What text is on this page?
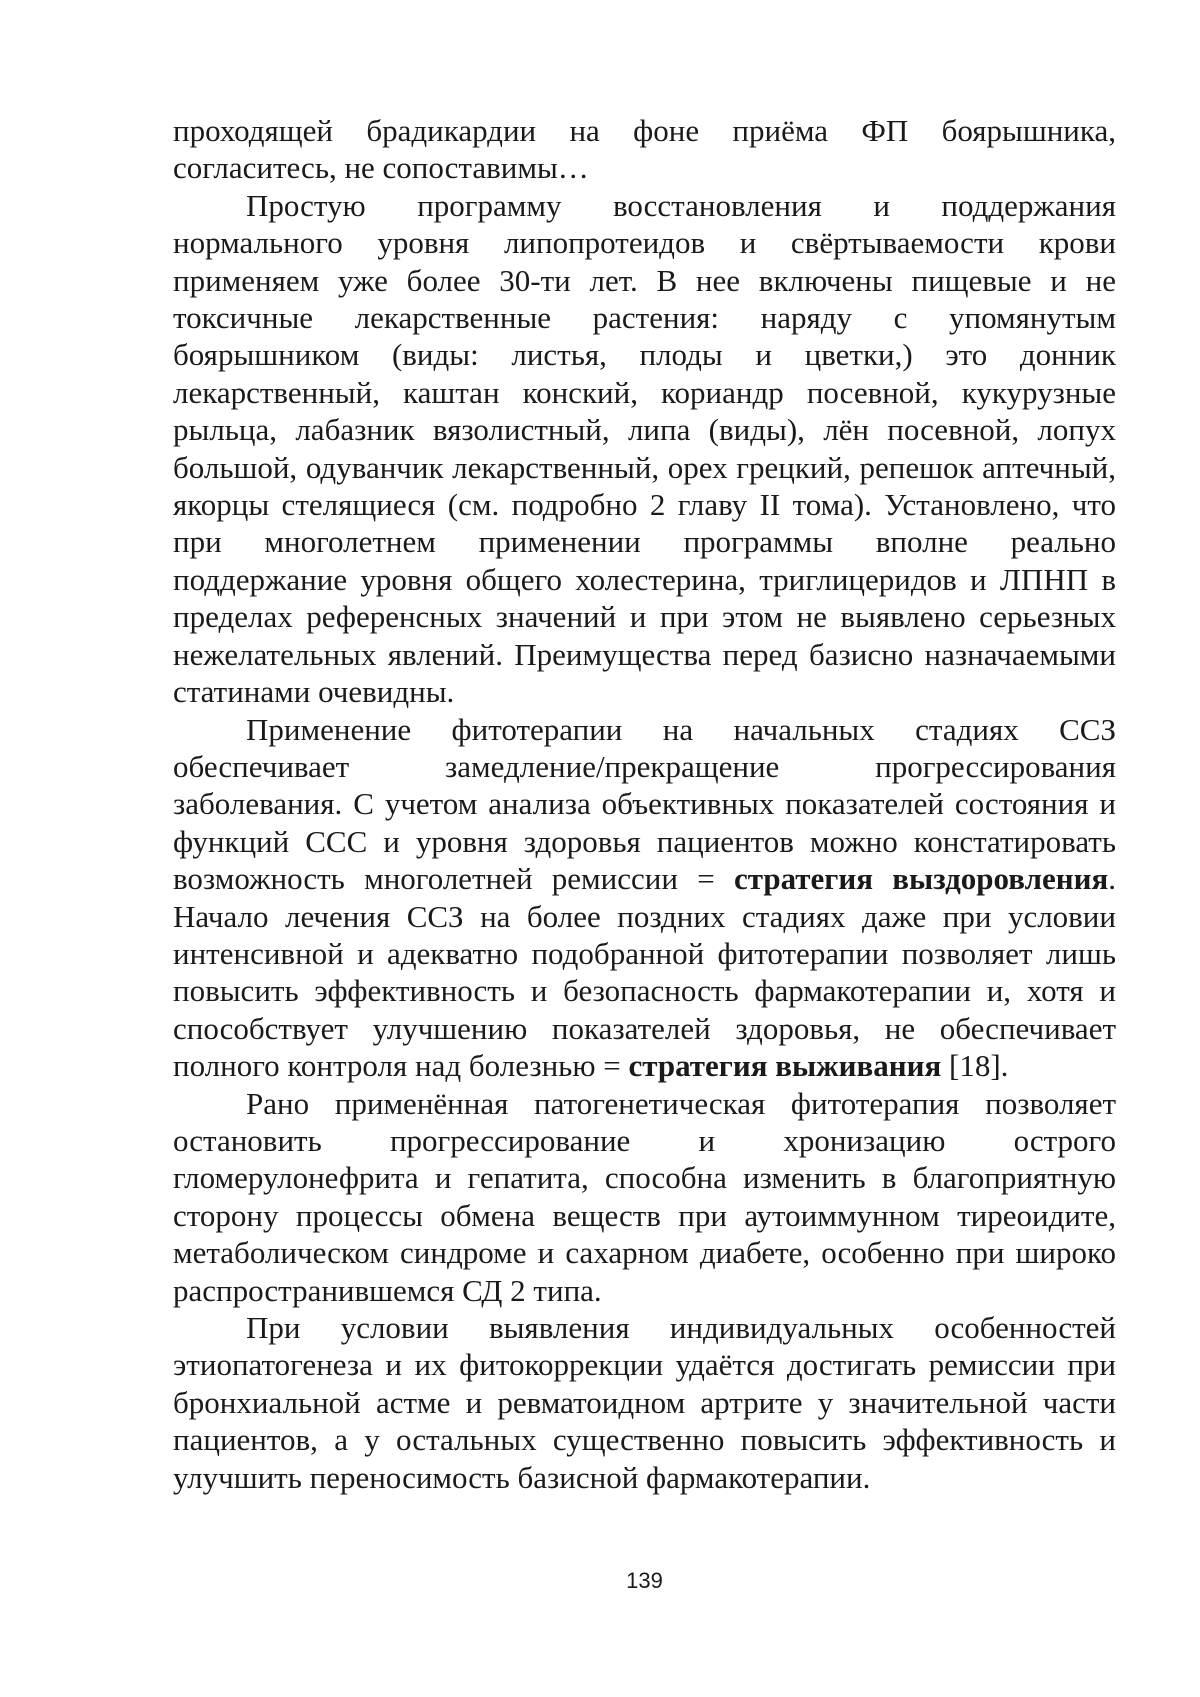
проходящей брадикардии на фоне приёма ФП боярышника, согласитесь, не сопоставимы…

Простую программу восстановления и поддержания нормального уровня липопротеидов и свёртываемости крови применяем уже более 30-ти лет. В нее включены пищевые и не токсичные лекарственные растения: наряду с упомянутым боярышником (виды: листья, плоды и цветки,) это донник лекарственный, каштан конский, кориандр посевной, кукурузные рыльца, лабазник вязолистный, липа (виды), лён посевной, лопух большой, одуванчик лекарственный, орех грецкий, репешок аптечный, якорцы стелящиеся (см. подробно 2 главу II тома). Установлено, что при многолетнем применении программы вполне реально поддержание уровня общего холестерина, триглицеридов и ЛПНП в пределах референсных значений и при этом не выявлено серьезных нежелательных явлений. Преимущества перед базисно назначаемыми статинами очевидны.

Применение фитотерапии на начальных стадиях ССЗ обеспечивает замедление/прекращение прогрессирования заболевания. С учетом анализа объективных показателей состояния и функций ССС и уровня здоровья пациентов можно констатировать возможность многолетней ремиссии = стратегия выздоровления. Начало лечения ССЗ на более поздних стадиях даже при условии интенсивной и адекватно подобранной фитотерапии позволяет лишь повысить эффективность и безопасность фармакотерапии и, хотя и способствует улучшению показателей здоровья, не обеспечивает полного контроля над болезнью = стратегия выживания [18].

Рано применённая патогенетическая фитотерапия позволяет остановить прогрессирование и хронизацию острого гломерулонефрита и гепатита, способна изменить в благоприятную сторону процессы обмена веществ при аутоиммунном тиреоидите, метаболическом синдроме и сахарном диабете, особенно при широко распространившемся СД 2 типа.

При условии выявления индивидуальных особенностей этиопатогенеза и их фитокоррекции удаётся достигать ремиссии при бронхиальной астме и ревматоидном артрите у значительной части пациентов, а у остальных существенно повысить эффективность и улучшить переносимость базисной фармакотерапии.

139
